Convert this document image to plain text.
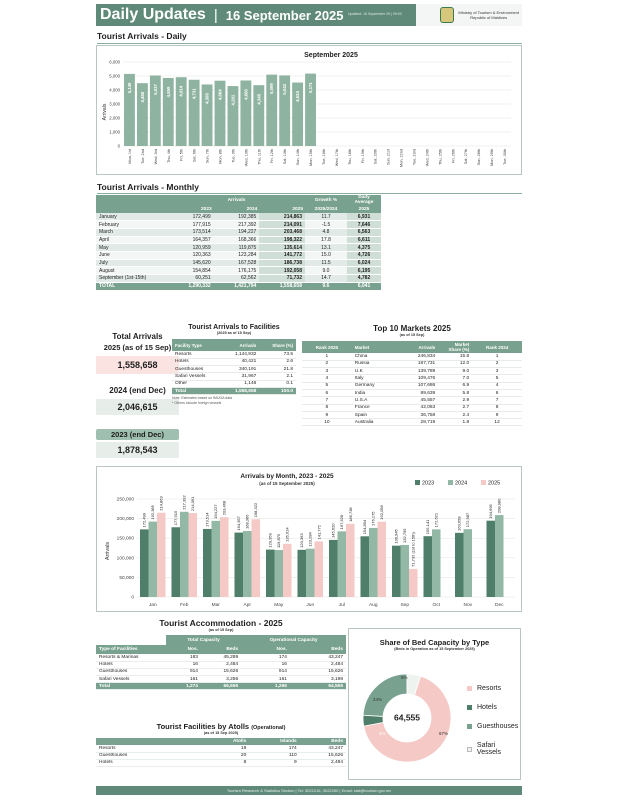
Daily Updates | 16 September 2025	Updated: 16 September 25 | 09:00	Ministry of Tourism & Environment
Republic of Maldives
Tourist Arrivals - Daily
September 2025
Arrivals
0
1,000
2,000
3,000
4,000
5,000
6,000
5,149
Mon, 1st
4,488
Tue, 2nd
5,037
Wed, 3rd
4,859
Thu, 4th
4,914
Fri, 5th
4,731
Sat, 6th
4,395
Sun, 7th
4,664
Mon, 8th
4,281
Tue, 9th
4,680
Wed, 10th
4,345
Thu, 11th
5,099
Fri, 12th
5,043
Sat, 13th
4,534
Sun, 14th
5,171
Mon, 15th Tue, 16th Wed, 17th Thu, 18th Fri, 19th Sat, 20th Sun, 21st Mon, 22nd Tue, 23rd Wed, 24th Thu, 25th Fri, 26th Sat, 27th Sun, 28th Mon, 29th Tue, 30th
Tourist Arrivals - Monthly
	Arrivals			Growth %	Daily Average
	2023	2024	2025	2025/2024	2025
January	172,499	192,385	214,863	11.7	6,931
February	177,915	217,392	214,091	-1.5	7,646
March	173,514	194,227	203,468	4.8	6,563
April	164,357	168,366	198,322	17.8	6,611
May	120,959	119,875	135,614	13.1	4,375
June	120,363	123,284	141,772	15.0	4,726
July	145,620	167,528	186,738	11.5	6,024
August	154,854	176,175	192,058	9.0	6,195
September (1st-15th)	60,251	62,562	71,732	14.7	4,782
TOTAL	1,290,332	1,421,794	1,558,658	9.6	6,041
Total Arrivals
2025 (as of 15 Sep)
1,558,658
2024 (end Dec)
2,046,615
2023 (end Dec)
1,878,543
Tourist Arrivals to Facilities
(2025 as of 15 Sep)
Facility Type	Arrivals	Share (%)
Resorts	1,144,932	73.5
Hotels	40,421	2.6
Guesthouses	340,191	21.8
Safari Vessels	31,967	2.1
Other	1,146	0.1
Total	1,558,658	100.0
Note: Estimates based on IMUGA data
* Others include foreign vessels
Top 10 Markets 2025
(as of 15 Sep)
Rank 2025	Market	Arrivals	Market Share (%)	Rank 2024
1	China	246,834	15.8	1
2	Russia	187,731	12.0	2
3	U.K	139,789	9.0	3
4	Italy	109,476	7.0	5
5	Germany	107,686	6.9	4
6	India	89,639	5.8	6
7	U.S.A	45,557	2.9	7
8	France	42,063	2.7	8
9	Spain	36,758	2.4	9
10	Australia	28,719	1.8	12
Arrivals by Month, 2023 - 2025
(as of 15 September 2025)
Arrivals
0
50,000
100,000
150,000
200,000
250,000
172,499
192,385
214,863
Jan
177,915
217,392 214,091
Feb
173,514
194,227 203,468
Mar
164,357 168,366
198,322
Apr
120,959 119,875 135,614
May
120,363 123,284
141,772
Jun
145,620
167,528
186,738
Jul
154,854
176,175 192,058
Aug
130,945 132,795 71,732 (1st to 15th)
Sep
155,141 172,621
Oct
163,658 172,987
Nov
194,695 208,980
Dec
2023	2024	2025
Tourist Accommodation - 2025
(as of 15 Sep)
	Total Capacity		Operational Capacity	
Type of Facilities	Nos.	Beds	Nos.	Beds
Resorts & Marinas	183	45,289	174	43,247
Hotels	16	2,484	16	2,484
Guesthouses	914	15,626	914	15,626
Safari Vessels	161	3,256	161	3,198
Total	1,274	66,655	1,265	64,555
Tourist Facilities by Atolls (Operational)
(as of 15 Sep 2025)
	Atolls	Islands	Beds
Resorts	19	174	43,247
Guesthouses	20	110	15,626
Hotels	8	9	2,484
Share of Bed Capacity by Type
(Beds in Operation as of 15 September 2025)
64,555
67%
24%
5%
4%
Resorts
Hotels
Guesthouses
Safari Vessels
Tourism Research & Statistics Section | Tel: 3022216, 3022250 | Email: stat@tourism.gov.mv
